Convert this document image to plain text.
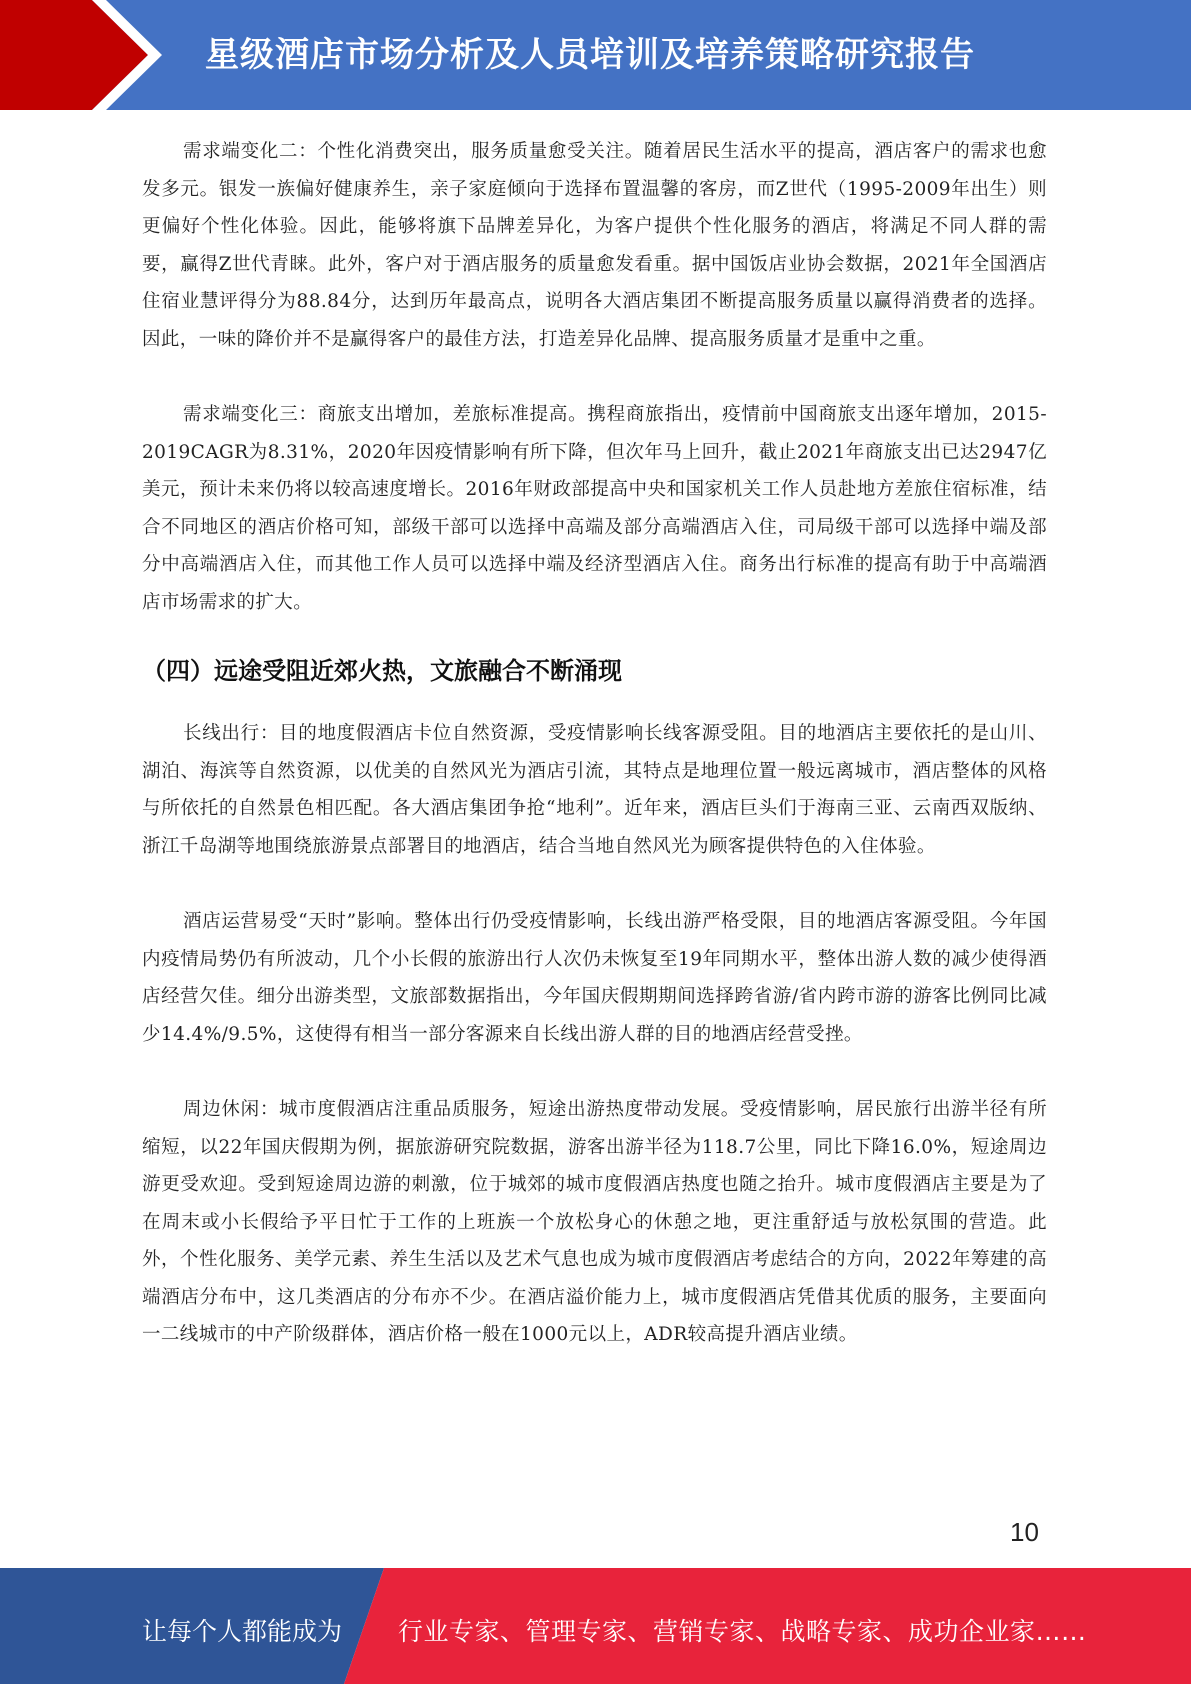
星级酒店市场分析及人员培训及培养策略研究报告

需求端变化二：个性化消费突出，服务质量愈受关注。随着居民生活水平的提高，酒店客户的需求也愈发多元。银发一族偏好健康养生，亲子家庭倾向于选择布置温馨的客房，而Z世代（1995-2009年出生）则更偏好个性化体验。因此，能够将旗下品牌差异化，为客户提供个性化服务的酒店，将满足不同人群的需要，赢得Z世代青睐。此外，客户对于酒店服务的质量愈发看重。据中国饭店业协会数据，2021年全国酒店住宿业慧评得分为88.84分，达到历年最高点，说明各大酒店集团不断提高服务质量以赢得消费者的选择。因此，一味的降价并不是赢得客户的最佳方法，打造差异化品牌、提高服务质量才是重中之重。

需求端变化三：商旅支出增加，差旅标准提高。携程商旅指出，疫情前中国商旅支出逐年增加，2015-2019CAGR为8.31%，2020年因疫情影响有所下降，但次年马上回升，截止2021年商旅支出已达2947亿美元，预计未来仍将以较高速度增长。2016年财政部提高中央和国家机关工作人员赴地方差旅住宿标准，结合不同地区的酒店价格可知，部级干部可以选择中高端及部分高端酒店入住，司局级干部可以选择中端及部分中高端酒店入住，而其他工作人员可以选择中端及经济型酒店入住。商务出行标准的提高有助于中高端酒店市场需求的扩大。

（四）远途受阻近郊火热，文旅融合不断涌现

长线出行：目的地度假酒店卡位自然资源，受疫情影响长线客源受阻。目的地酒店主要依托的是山川、湖泊、海滨等自然资源，以优美的自然风光为酒店引流，其特点是地理位置一般远离城市，酒店整体的风格与所依托的自然景色相匹配。各大酒店集团争抢“地利”。近年来，酒店巨头们于海南三亚、云南西双版纳、浙江千岛湖等地围绕旅游景点部署目的地酒店，结合当地自然风光为顾客提供特色的入住体验。

酒店运营易受“天时”影响。整体出行仍受疫情影响，长线出游严格受限，目的地酒店客源受阻。今年国内疫情局势仍有所波动，几个小长假的旅游出行人次仍未恢复至19年同期水平，整体出游人数的减少使得酒店经营欠佳。细分出游类型，文旅部数据指出，今年国庆假期期间选择跨省游/省内跨市游的游客比例同比减少14.4%/9.5%，这使得有相当一部分客源来自长线出游人群的目的地酒店经营受挫。

周边休闲：城市度假酒店注重品质服务，短途出游热度带动发展。受疫情影响，居民旅行出游半径有所缩短，以22年国庆假期为例，据旅游研究院数据，游客出游半径为118.7公里，同比下降16.0%，短途周边游更受欢迎。受到短途周边游的刺激，位于城郊的城市度假酒店热度也随之抬升。城市度假酒店主要是为了在周末或小长假给予平日忙于工作的上班族一个放松身心的休憩之地，更注重舒适与放松氛围的营造。此外，个性化服务、美学元素、养生生活以及艺术气息也成为城市度假酒店考虑结合的方向，2022年筹建的高端酒店分布中，这几类酒店的分布亦不少。在酒店溢价能力上，城市度假酒店凭借其优质的服务，主要面向一二线城市的中产阶级群体，酒店价格一般在1000元以上，ADR较高提升酒店业绩。

10
让每个人都能成为 行业专家、管理专家、营销专家、战略专家、成功企业家……
